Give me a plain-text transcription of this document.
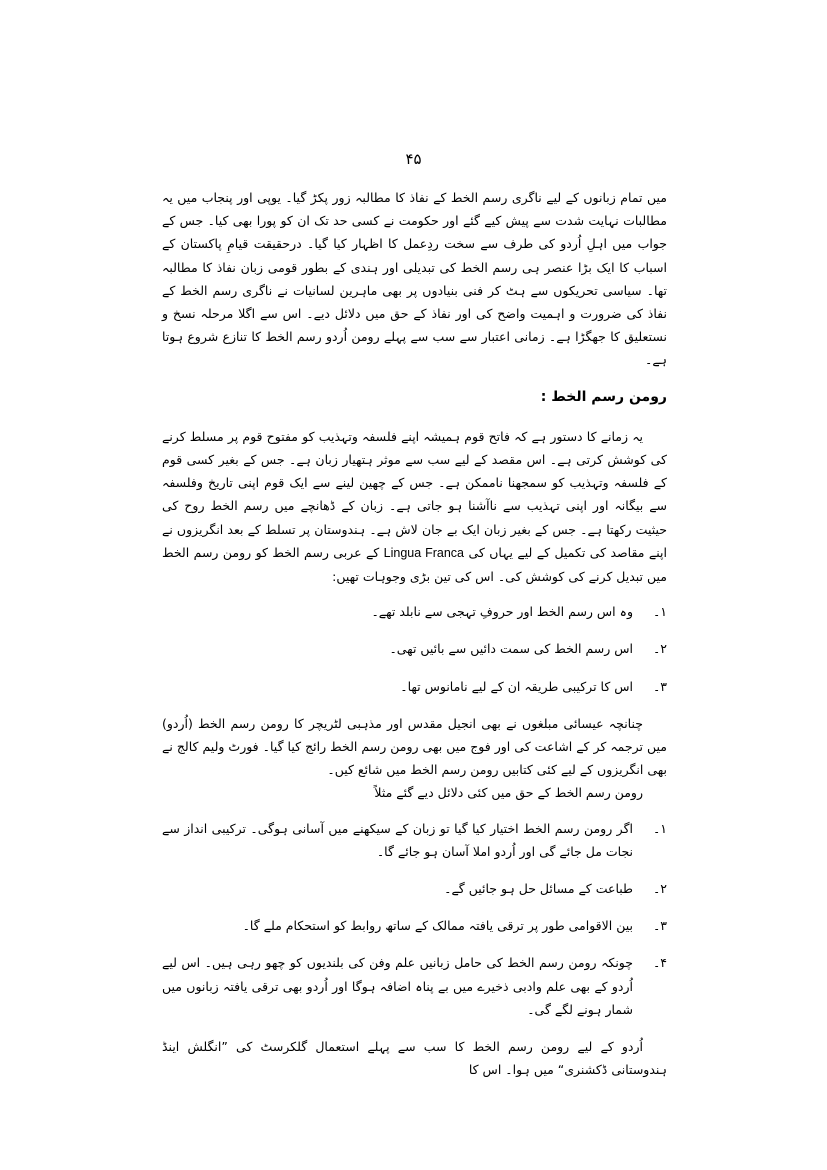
۴۵

میں تمام زبانوں کے لیے ناگری رسم الخط کے نفاذ کا مطالبہ زور پکڑ گیا۔ یوپی اور پنجاب میں یہ مطالبات نہایت شدت سے پیش کیے گئے اور حکومت نے کسی حد تک ان کو پورا بھی کیا۔ جس کے جواب میں اہلِ اُردو کی طرف سے سخت ردِعمل کا اظہار کیا گیا۔ درحقیقت قیامِ پاکستان کے اسباب کا ایک بڑا عنصر ہی رسم الخط کی تبدیلی اور ہندی کے بطور قومی زبان نفاذ کا مطالبہ تھا۔ سیاسی تحریکوں سے ہٹ کر فنی بنیادوں پر بھی ماہرین لسانیات نے ناگری رسم الخط کے نفاذ کی ضرورت و اہمیت واضح کی اور نفاذ کے حق میں دلائل دیے۔ اس سے اگلا مرحلہ نسخ و نستعلیق کا جھگڑا ہے۔ زمانی اعتبار سے سب سے پہلے رومن اُردو رسم الخط کا تنازع شروع ہوتا ہے۔

رومن رسم الخط :

یہ زمانے کا دستور ہے کہ فاتح قوم ہمیشہ اپنے فلسفہ وتہذیب کو مفتوح قوم پر مسلط کرنے کی کوشش کرتی ہے۔ اس مقصد کے لیے سب سے موثر ہتھیار زبان ہے۔ جس کے بغیر کسی قوم کے فلسفہ وتہذیب کو سمجھنا ناممکن ہے۔ جس کے چھین لینے سے ایک قوم اپنی تاریخ وفلسفہ سے بیگانہ اور اپنی تہذیب سے ناآشنا ہو جاتی ہے۔ زبان کے ڈھانچے میں رسم الخط روح کی حیثیت رکھتا ہے۔ جس کے بغیر زبان ایک بے جان لاش ہے۔ ہندوستان پر تسلط کے بعد انگریزوں نے اپنے مقاصد کی تکمیل کے لیے یہاں کی Lingua Franca کے عربی رسم الخط کو رومن رسم الخط میں تبدیل کرنے کی کوشش کی۔ اس کی تین بڑی وجوہات تھیں:

۱۔
وہ اس رسم الخط اور حروفِ تہجی سے نابلد تھے۔
۲۔
اس رسم الخط کی سمت دائیں سے بائیں تھی۔
۳۔
اس کا ترکیبی طریقہ ان کے لیے نامانوس تھا۔

چنانچہ عیسائی مبلغوں نے بھی انجیل مقدس اور مذہبی لٹریچر کا رومن رسم الخط (اُردو) میں ترجمہ کر کے اشاعت کی اور فوج میں بھی رومن رسم الخط رائج کیا گیا۔ فورٹ ولیم کالج نے بھی انگریزوں کے لیے کئی کتابیں رومن رسم الخط میں شائع کیں۔

رومن رسم الخط کے حق میں کئی دلائل دیے گئے مثلاً

۱۔
اگر رومن رسم الخط اختیار کیا گیا تو زبان کے سیکھنے میں آسانی ہوگی۔ ترکیبی انداز سے نجات مل جائے گی اور اُردو املا آسان ہو جائے گا۔
۲۔
طباعت کے مسائل حل ہو جائیں گے۔
۳۔
بین الاقوامی طور پر ترقی یافتہ ممالک کے ساتھ روابط کو استحکام ملے گا۔
۴۔
چونکہ رومن رسم الخط کی حامل زبانیں علم وفن کی بلندیوں کو چھو رہی ہیں۔ اس لیے اُردو کے بھی علم وادبی ذخیرے میں بے پناہ اضافہ ہوگا اور اُردو بھی ترقی یافتہ زبانوں میں شمار ہونے لگے گی۔

اُردو کے لیے رومن رسم الخط کا سب سے پہلے استعمال گلکرسٹ کی ”انگلش اینڈ ہندوستانی ڈکشنری“ میں ہوا۔ اس کا
